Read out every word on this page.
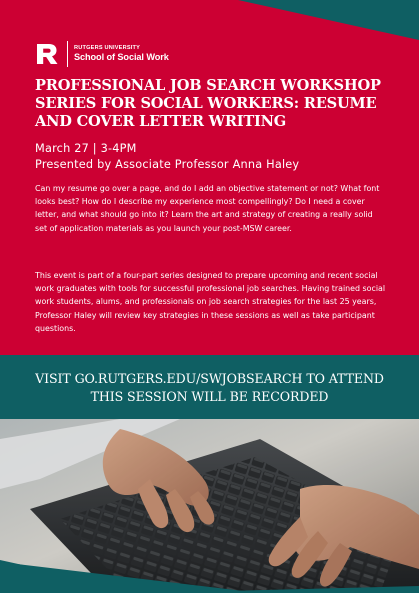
RUTGERS UNIVERSITY
School of Social Work
PROFESSIONAL JOB SEARCH WORKSHOP SERIES FOR SOCIAL WORKERS: RESUME AND COVER LETTER WRITING

March 27 | 3-4PM

Presented by Associate Professor Anna Haley

Can my resume go over a page, and do I add an objective statement or not? What font looks best? How do I describe my experience most compellingly? Do I need a cover letter, and what should go into it? Learn the art and strategy of creating a really solid set of application materials as you launch your post-MSW career.

This event is part of a four-part series designed to prepare upcoming and recent social work graduates with tools for successful professional job searches. Having trained social work students, alums, and professionals on job search strategies for the last 25 years, Professor Haley will review key strategies in these sessions as well as take participant questions.

VISIT GO.RUTGERS.EDU/SWJOBSEARCH TO ATTEND

THIS SESSION WILL BE RECORDED
